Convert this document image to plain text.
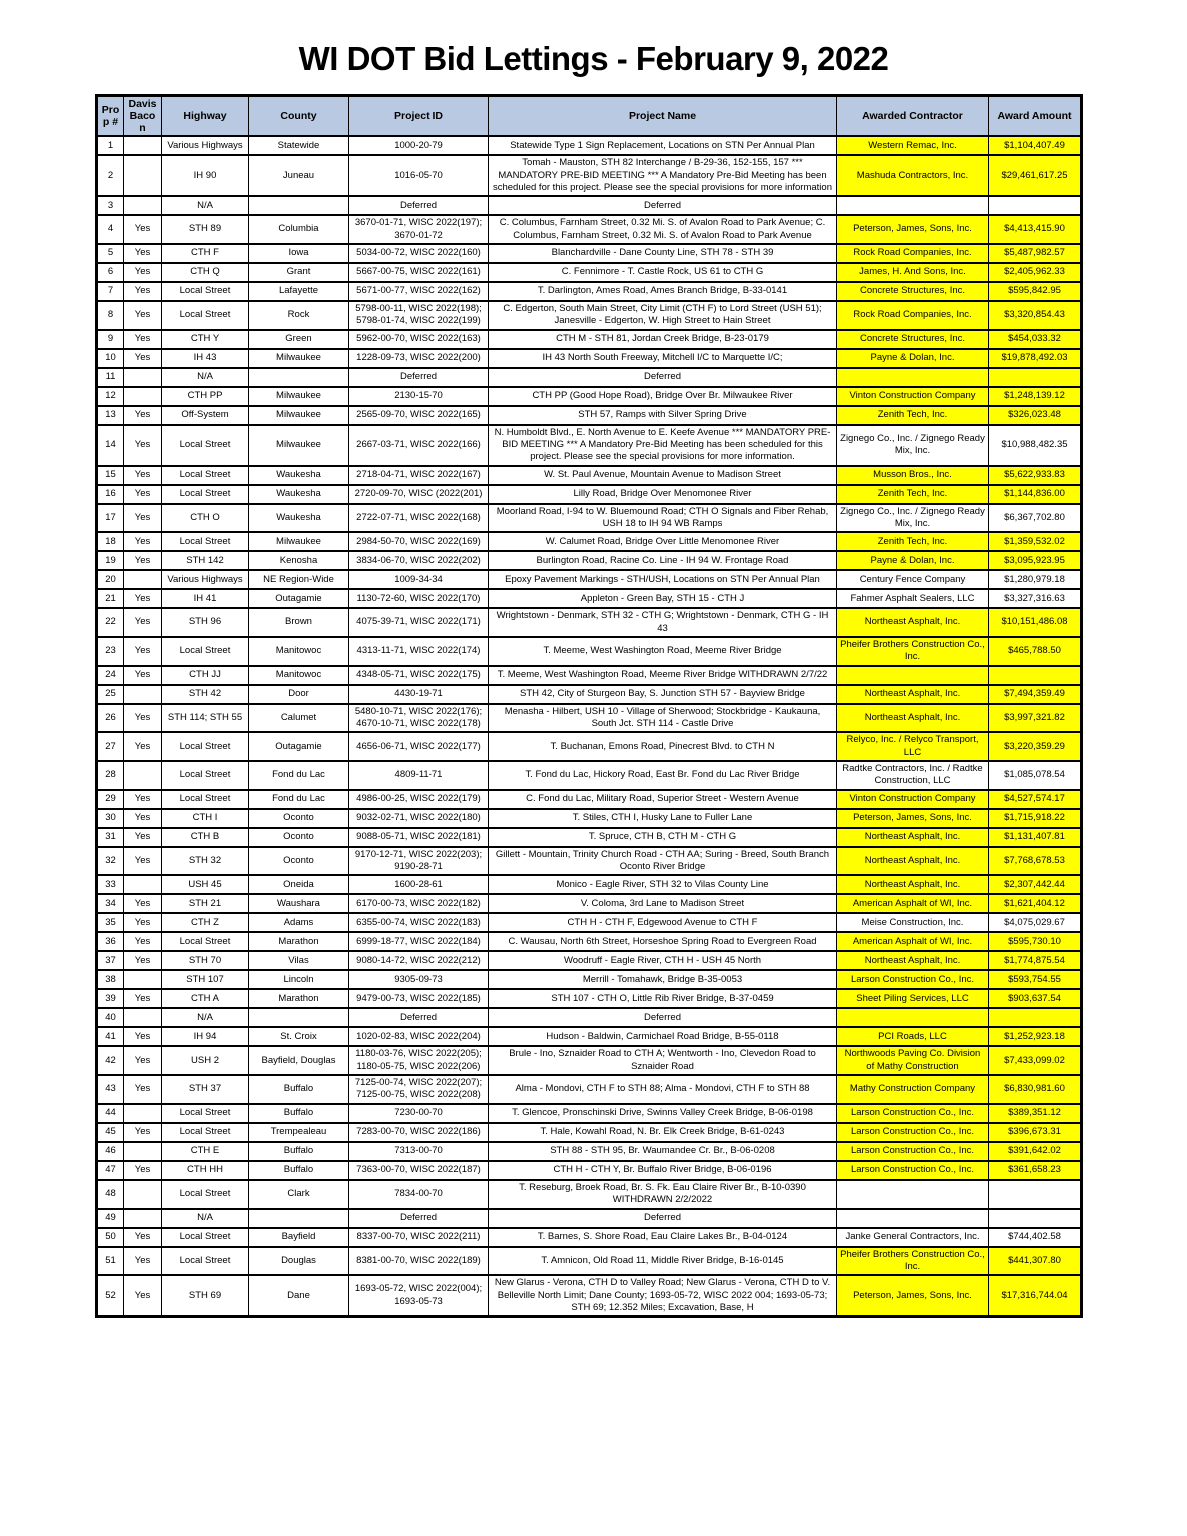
WI DOT Bid Lettings - February 9, 2022
Pro p #	Davis Bacon	Highway	County	Project ID	Project Name	Awarded Contractor	Award Amount
1		Various Highways	Statewide	1000-20-79	Statewide Type 1 Sign Replacement, Locations on STN Per Annual Plan	Western Remac, Inc.	$1,104,407.49
2		IH 90	Juneau	1016-05-70	Tomah - Mauston, STH 82 Interchange / B-29-36, 152-155, 157 *** MANDATORY PRE-BID MEETING *** A Mandatory Pre-Bid Meeting has been scheduled for this project. Please see the special provisions for more information	Mashuda Contractors, Inc.	$29,461,617.25
3		N/A		Deferred	Deferred		
4	Yes	STH 89	Columbia	3670-01-71, WISC 2022(197); 3670-01-72	C. Columbus, Farnham Street, 0.32 Mi. S. of Avalon Road to Park Avenue; C. Columbus, Farnham Street, 0.32 Mi. S. of Avalon Road to Park Avenue	Peterson, James, Sons, Inc.	$4,413,415.90
5	Yes	CTH F	Iowa	5034-00-72, WISC 2022(160)	Blanchardville - Dane County Line, STH 78 - STH 39	Rock Road Companies, Inc.	$5,487,982.57
6	Yes	CTH Q	Grant	5667-00-75, WISC 2022(161)	C. Fennimore - T. Castle Rock, US 61 to CTH G	James, H. And Sons, Inc.	$2,405,962.33
7	Yes	Local Street	Lafayette	5671-00-77, WISC 2022(162)	T. Darlington, Ames Road, Ames Branch Bridge, B-33-0141	Concrete Structures, Inc.	$595,842.95
8	Yes	Local Street	Rock	5798-00-11, WISC 2022(198); 5798-01-74, WISC 2022(199)	C. Edgerton, South Main Street, City Limit (CTH F) to Lord Street (USH 51); Janesville - Edgerton, W. High Street to Hain Street	Rock Road Companies, Inc.	$3,320,854.43
9	Yes	CTH Y	Green	5962-00-70, WISC 2022(163)	CTH M - STH 81, Jordan Creek Bridge, B-23-0179	Concrete Structures, Inc.	$454,033.32
10	Yes	IH 43	Milwaukee	1228-09-73, WISC 2022(200)	IH 43 North South Freeway, Mitchell I/C to Marquette I/C;	Payne & Dolan, Inc.	$19,878,492.03
11		N/A		Deferred	Deferred		
12		CTH PP	Milwaukee	2130-15-70	CTH PP (Good Hope Road), Bridge Over Br. Milwaukee River	Vinton Construction Company	$1,248,139.12
13	Yes	Off-System	Milwaukee	2565-09-70, WISC 2022(165)	STH 57, Ramps with Silver Spring Drive	Zenith Tech, Inc.	$326,023.48
14	Yes	Local Street	Milwaukee	2667-03-71, WISC 2022(166)	N. Humboldt Blvd., E. North Avenue to E. Keefe Avenue *** MANDATORY PRE-BID MEETING *** A Mandatory Pre-Bid Meeting has been scheduled for this project. Please see the special provisions for more information.	Zignego Co., Inc. / Zignego Ready Mix, Inc.	$10,988,482.35
15	Yes	Local Street	Waukesha	2718-04-71, WISC 2022(167)	W. St. Paul Avenue, Mountain Avenue to Madison Street	Musson Bros., Inc.	$5,622,933.83
16	Yes	Local Street	Waukesha	2720-09-70, WISC (2022(201)	Lilly Road, Bridge Over Menomonee River	Zenith Tech, Inc.	$1,144,836.00
17	Yes	CTH O	Waukesha	2722-07-71, WISC 2022(168)	Moorland Road, I-94 to W. Bluemound Road; CTH O Signals and Fiber Rehab, USH 18 to IH 94 WB Ramps	Zignego Co., Inc. / Zignego Ready Mix, Inc.	$6,367,702.80
18	Yes	Local Street	Milwaukee	2984-50-70, WISC 2022(169)	W. Calumet Road, Bridge Over Little Menomonee River	Zenith Tech, Inc.	$1,359,532.02
19	Yes	STH 142	Kenosha	3834-06-70, WISC 2022(202)	Burlington Road, Racine Co. Line - IH 94 W. Frontage Road	Payne & Dolan, Inc.	$3,095,923.95
20		Various Highways	NE Region-Wide	1009-34-34	Epoxy Pavement Markings - STH/USH, Locations on STN Per Annual Plan	Century Fence Company	$1,280,979.18
21	Yes	IH 41	Outagamie	1130-72-60, WISC 2022(170)	Appleton - Green Bay, STH 15 - CTH J	Fahmer Asphalt Sealers, LLC	$3,327,316.63
22	Yes	STH 96	Brown	4075-39-71, WISC 2022(171)	Wrightstown - Denmark, STH 32 - CTH G; Wrightstown - Denmark, CTH G - IH 43	Northeast Asphalt, Inc.	$10,151,486.08
23	Yes	Local Street	Manitowoc	4313-11-71, WISC 2022(174)	T. Meeme, West Washington Road, Meeme River Bridge	Pheifer Brothers Construction Co., Inc.	$465,788.50
24	Yes	CTH JJ	Manitowoc	4348-05-71, WISC 2022(175)	T. Meeme, West Washington Road, Meeme River Bridge WITHDRAWN 2/7/22		
25		STH 42	Door	4430-19-71	STH 42, City of Sturgeon Bay, S. Junction STH 57 - Bayview Bridge	Northeast Asphalt, Inc.	$7,494,359.49
26	Yes	STH 114; STH 55	Calumet	5480-10-71, WISC 2022(176); 4670-10-71, WISC 2022(178)	Menasha - Hilbert, USH 10 - Village of Sherwood; Stockbridge - Kaukauna, South Jct. STH 114 - Castle Drive	Northeast Asphalt, Inc.	$3,997,321.82
27	Yes	Local Street	Outagamie	4656-06-71, WISC 2022(177)	T. Buchanan, Emons Road, Pinecrest Blvd. to CTH N	Relyco, Inc. / Relyco Transport, LLC	$3,220,359.29
28		Local Street	Fond du Lac	4809-11-71	T. Fond du Lac, Hickory Road, East Br. Fond du Lac River Bridge	Radtke Contractors, Inc. / Radtke Construction, LLC	$1,085,078.54
29	Yes	Local Street	Fond du Lac	4986-00-25, WISC 2022(179)	C. Fond du Lac, Military Road, Superior Street - Western Avenue	Vinton Construction Company	$4,527,574.17
30	Yes	CTH I	Oconto	9032-02-71, WISC 2022(180)	T. Stiles, CTH I, Husky Lane to Fuller Lane	Peterson, James, Sons, Inc.	$1,715,918.22
31	Yes	CTH B	Oconto	9088-05-71, WISC 2022(181)	T. Spruce, CTH B, CTH M - CTH G	Northeast Asphalt, Inc.	$1,131,407.81
32	Yes	STH 32	Oconto	9170-12-71, WISC 2022(203); 9190-28-71	Gillett - Mountain, Trinity Church Road - CTH AA; Suring - Breed, South Branch Oconto River Bridge	Northeast Asphalt, Inc.	$7,768,678.53
33		USH 45	Oneida	1600-28-61	Monico - Eagle River, STH 32 to Vilas County Line	Northeast Asphalt, Inc.	$2,307,442.44
34	Yes	STH 21	Waushara	6170-00-73, WISC 2022(182)	V. Coloma, 3rd Lane to Madison Street	American Asphalt of WI, Inc.	$1,621,404.12
35	Yes	CTH Z	Adams	6355-00-74, WISC 2022(183)	CTH H - CTH F, Edgewood Avenue to CTH F	Meise Construction, Inc.	$4,075,029.67
36	Yes	Local Street	Marathon	6999-18-77, WISC 2022(184)	C. Wausau, North 6th Street, Horseshoe Spring Road to Evergreen Road	American Asphalt of WI, Inc.	$595,730.10
37	Yes	STH 70	Vilas	9080-14-72, WISC 2022(212)	Woodruff - Eagle River, CTH H - USH 45 North	Northeast Asphalt, Inc.	$1,774,875.54
38		STH 107	Lincoln	9305-09-73	Merrill - Tomahawk, Bridge B-35-0053	Larson Construction Co., Inc.	$593,754.55
39	Yes	CTH A	Marathon	9479-00-73, WISC 2022(185)	STH 107 - CTH O, Little Rib River Bridge, B-37-0459	Sheet Piling Services, LLC	$903,637.54
40		N/A		Deferred	Deferred		
41	Yes	IH 94	St. Croix	1020-02-83, WISC 2022(204)	Hudson - Baldwin, Carmichael Road Bridge, B-55-0118	PCI Roads, LLC	$1,252,923.18
42	Yes	USH 2	Bayfield, Douglas	1180-03-76, WISC 2022(205); 1180-05-75, WISC 2022(206)	Brule - Ino, Sznaider Road to CTH A; Wentworth - Ino, Clevedon Road to Sznaider Road	Northwoods Paving Co. Division of Mathy Construction	$7,433,099.02
43	Yes	STH 37	Buffalo	7125-00-74, WISC 2022(207); 7125-00-75, WISC 2022(208)	Alma - Mondovi, CTH F to STH 88; Alma - Mondovi, CTH F to STH 88	Mathy Construction Company	$6,830,981.60
44		Local Street	Buffalo	7230-00-70	T. Glencoe, Pronschinski Drive, Swinns Valley Creek Bridge, B-06-0198	Larson Construction Co., Inc.	$389,351.12
45	Yes	Local Street	Trempealeau	7283-00-70, WISC 2022(186)	T. Hale, Kowahl Road, N. Br. Elk Creek Bridge, B-61-0243	Larson Construction Co., Inc.	$396,673.31
46		CTH E	Buffalo	7313-00-70	STH 88 - STH 95, Br. Waumandee Cr. Br., B-06-0208	Larson Construction Co., Inc.	$391,642.02
47	Yes	CTH HH	Buffalo	7363-00-70, WISC 2022(187)	CTH H - CTH Y, Br. Buffalo River Bridge, B-06-0196	Larson Construction Co., Inc.	$361,658.23
48		Local Street	Clark	7834-00-70	T. Reseburg, Broek Road, Br. S. Fk. Eau Claire River Br., B-10-0390 WITHDRAWN 2/2/2022		
49		N/A		Deferred	Deferred		
50	Yes	Local Street	Bayfield	8337-00-70, WISC 2022(211)	T. Barnes, S. Shore Road, Eau Claire Lakes Br., B-04-0124	Janke General Contractors, Inc.	$744,402.58
51	Yes	Local Street	Douglas	8381-00-70, WISC 2022(189)	T. Amnicon, Old Road 11, Middle River Bridge, B-16-0145	Pheifer Brothers Construction Co., Inc.	$441,307.80
52	Yes	STH 69	Dane	1693-05-72, WISC 2022(004); 1693-05-73	New Glarus - Verona, CTH D to Valley Road; New Glarus - Verona, CTH D to V. Belleville North Limit; Dane County; 1693-05-72, WISC 2022 004; 1693-05-73; STH 69; 12.352 Miles; Excavation, Base, H	Peterson, James, Sons, Inc.	$17,316,744.04
